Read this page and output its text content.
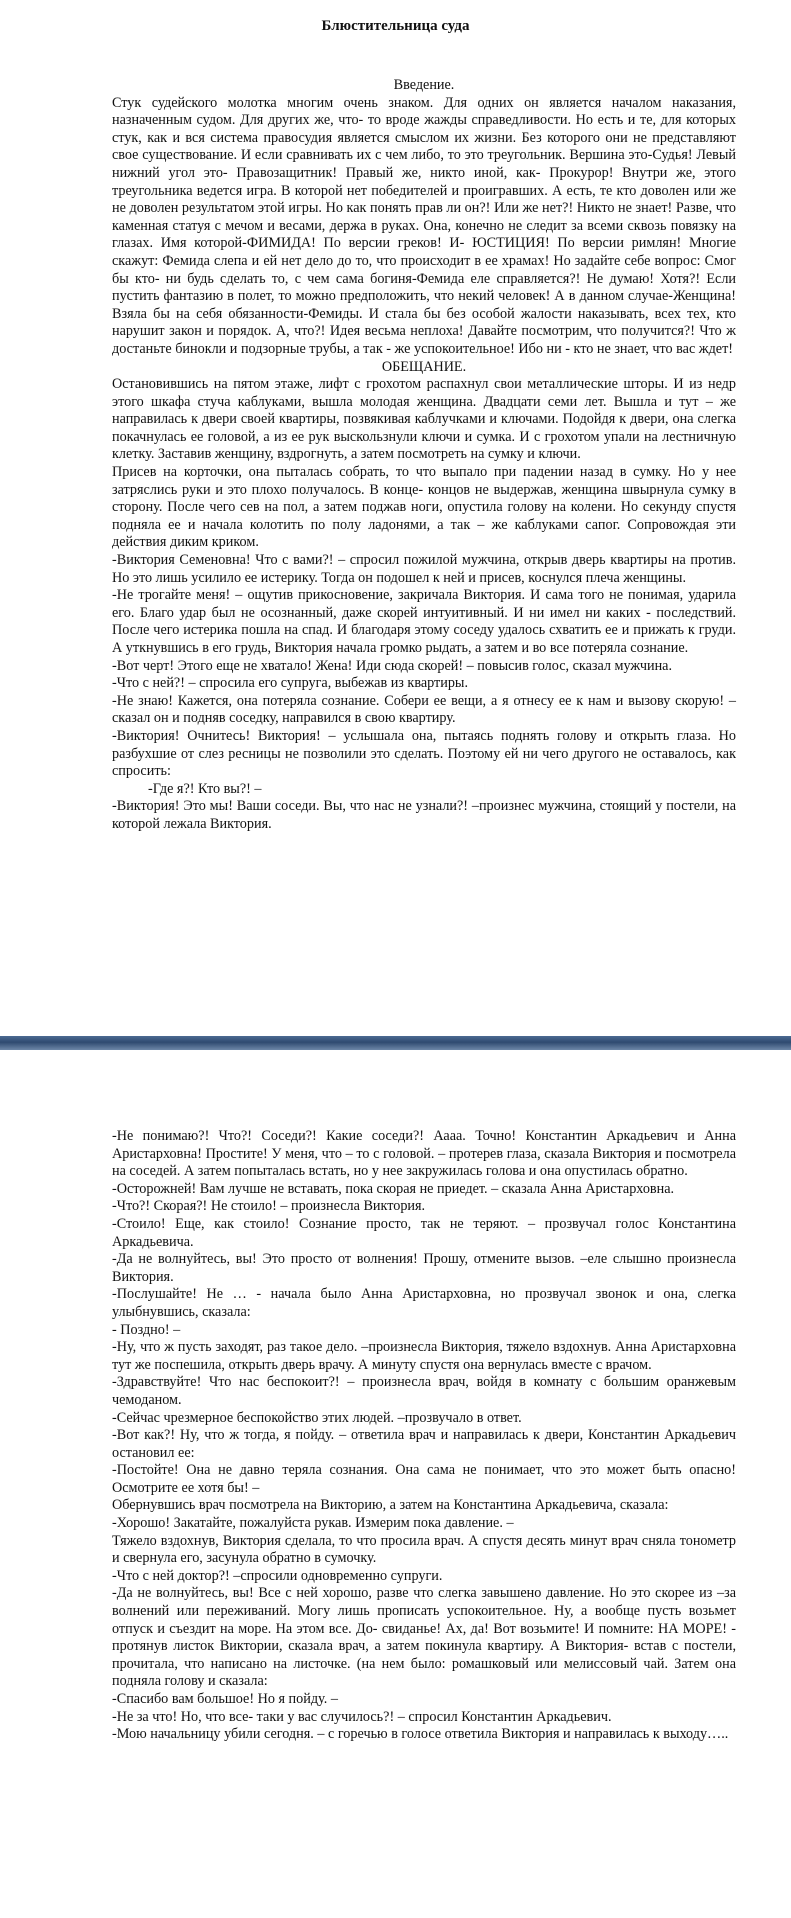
Блюстительница суда

Введение.

Стук судейского молотка многим очень знаком. Для одних он является началом наказания, назначенным судом. Для других же, что- то вроде жажды справедливости. Но есть и те, для которых стук, как и вся система правосудия является смыслом их жизни. Без которого они не представляют свое существование. И если сравнивать их с чем либо, то это треугольник. Вершина это-Судья! Левый нижний угол это- Правозащитник! Правый же, никто иной, как- Прокурор! Внутри же, этого треугольника ведется игра. В которой нет победителей и проигравших. А есть, те кто доволен или же не доволен результатом этой игры. Но как понять прав ли он?! Или же нет?! Никто не знает! Разве, что каменная статуя с мечом и весами, держа в руках. Она, конечно не следит за всеми сквозь повязку на глазах. Имя которой-ФИМИДА! По версии греков! И- ЮСТИЦИЯ! По версии римлян! Многие скажут: Фемида слепа и ей нет дело до то, что происходит в ее храмах! Но задайте себе вопрос: Смог бы кто- ни будь сделать то, с чем сама богиня-Фемида еле справляется?! Не думаю! Хотя?! Если пустить фантазию в полет, то можно предположить, что некий человек! А в данном случае-Женщина! Взяла бы на себя обязанности-Фемиды. И стала бы без особой жалости наказывать, всех тех, кто нарушит закон и порядок. А, что?! Идея весьма неплоха! Давайте посмотрим, что получится?! Что ж достаньте бинокли и подзорные трубы, а так - же успокоительное! Ибо ни - кто не знает, что вас ждет!

ОБЕЩАНИЕ.

Остановившись на пятом этаже, лифт с грохотом распахнул свои металлические шторы. И из недр этого шкафа стуча каблуками, вышла молодая женщина. Двадцати семи лет. Вышла и тут – же направилась к двери своей квартиры, позвякивая каблучками и ключами. Подойдя к двери, она слегка покачнулась ее головой, а из ее рук выскользнули ключи и сумка. И с грохотом упали на лестничную клетку. Заставив женщину, вздрогнуть, а затем посмотреть на сумку и ключи.

Присев на корточки, она пыталась собрать, то что выпало при падении назад в сумку. Но у нее затряслись руки и это плохо получалось. В конце- концов не выдержав, женщина швырнула сумку в сторону. После чего сев на пол, а затем поджав ноги, опустила голову на колени. Но секунду спустя подняла ее и начала колотить по полу ладонями, а так – же каблуками сапог. Сопровождая эти действия диким криком.

-Виктория Семеновна! Что с вами?! – спросил пожилой мужчина, открыв дверь квартиры на против. Но это лишь усилило ее истерику. Тогда он подошел к ней и присев, коснулся плеча женщины.

-Не трогайте меня! – ощутив прикосновение, закричала Виктория. И сама того не понимая, ударила его. Благо удар был не осознанный, даже скорей интуитивный. И ни имел ни каких - последствий. После чего истерика пошла на спад. И благодаря этому соседу удалось схватить ее и прижать к груди. А уткнувшись в его грудь, Виктория начала громко рыдать, а затем и во все потеряла сознание.

-Вот черт! Этого еще не хватало! Жена! Иди сюда скорей! – повысив голос, сказал мужчина.

-Что с ней?! – спросила его супруга, выбежав из квартиры.

-Не знаю! Кажется, она потеряла сознание. Собери ее вещи, а я отнесу ее к нам и вызову скорую! – сказал он и подняв соседку, направился в свою квартиру.

-Виктория! Очнитесь! Виктория! – услышала она, пытаясь поднять голову и открыть глаза. Но разбухшие от слез ресницы не позволили это сделать. Поэтому ей ни чего другого не оставалось, как спросить:

-Где я?! Кто вы?! –

-Виктория! Это мы! Ваши соседи. Вы, что нас не узнали?! –произнес мужчина, стоящий у постели, на которой лежала Виктория.

-Не понимаю?! Что?! Соседи?! Какие соседи?! Аааа. Точно! Константин Аркадьевич и Анна Аристарховна! Простите! У меня, что – то с головой. – протерев глаза, сказала Виктория и посмотрела на соседей. А затем попыталась встать, но у нее закружилась голова и она опустилась обратно.

-Осторожней! Вам лучше не вставать, пока скорая не приедет. – сказала Анна Аристарховна.

-Что?! Скорая?! Не стоило! – произнесла Виктория.

-Стоило! Еще, как стоило! Сознание просто, так не теряют. – прозвучал голос Константина Аркадьевича.

-Да не волнуйтесь, вы! Это просто от волнения! Прошу, отмените вызов. –еле слышно произнесла Виктория.

-Послушайте! Не … - начала было Анна Аристарховна, но прозвучал звонок и она, слегка улыбнувшись, сказала:

- Поздно! –

-Ну, что ж пусть заходят, раз такое дело. –произнесла Виктория, тяжело вздохнув. Анна Аристарховна тут же поспешила, открыть дверь врачу. А минуту спустя она вернулась вместе с врачом.

-Здравствуйте! Что нас беспокоит?! – произнесла врач, войдя в комнату с большим оранжевым чемоданом.

-Сейчас чрезмерное беспокойство этих людей. –прозвучало в ответ.

-Вот как?! Ну, что ж тогда, я пойду. – ответила врач и направилась к двери, Константин Аркадьевич остановил ее:

-Постойте! Она не давно теряла сознания. Она сама не понимает, что это может быть опасно! Осмотрите ее хотя бы! –

Обернувшись врач посмотрела на Викторию, а затем на Константина Аркадьевича, сказала:

-Хорошо! Закатайте, пожалуйста рукав. Измерим пока давление. –

Тяжело вздохнув, Виктория сделала, то что просила врач. А спустя десять минут врач сняла тонометр и свернула его, засунула обратно в сумочку.

-Что с ней доктор?! –спросили одновременно супруги.

-Да не волнуйтесь, вы! Все с ней хорошо, разве что слегка завышено давление. Но это скорее из –за волнений или переживаний. Могу лишь прописать успокоительное. Ну, а вообще пусть возьмет отпуск и съездит на море. На этом все. До- свиданье! Ах, да! Вот возьмите! И помните: НА МОРЕ! - протянув листок Виктории, сказала врач, а затем покинула квартиру. А Виктория- встав с постели, прочитала, что написано на листочке. (на нем было: ромашковый или мелиссовый чай. Затем она подняла голову и сказала:

-Спасибо вам большое! Но я пойду. –

-Не за что! Но, что все- таки у вас случилось?! – спросил Константин Аркадьевич.

-Мою начальницу убили сегодня. – с горечью в голосе ответила Виктория и направилась к выходу…..
